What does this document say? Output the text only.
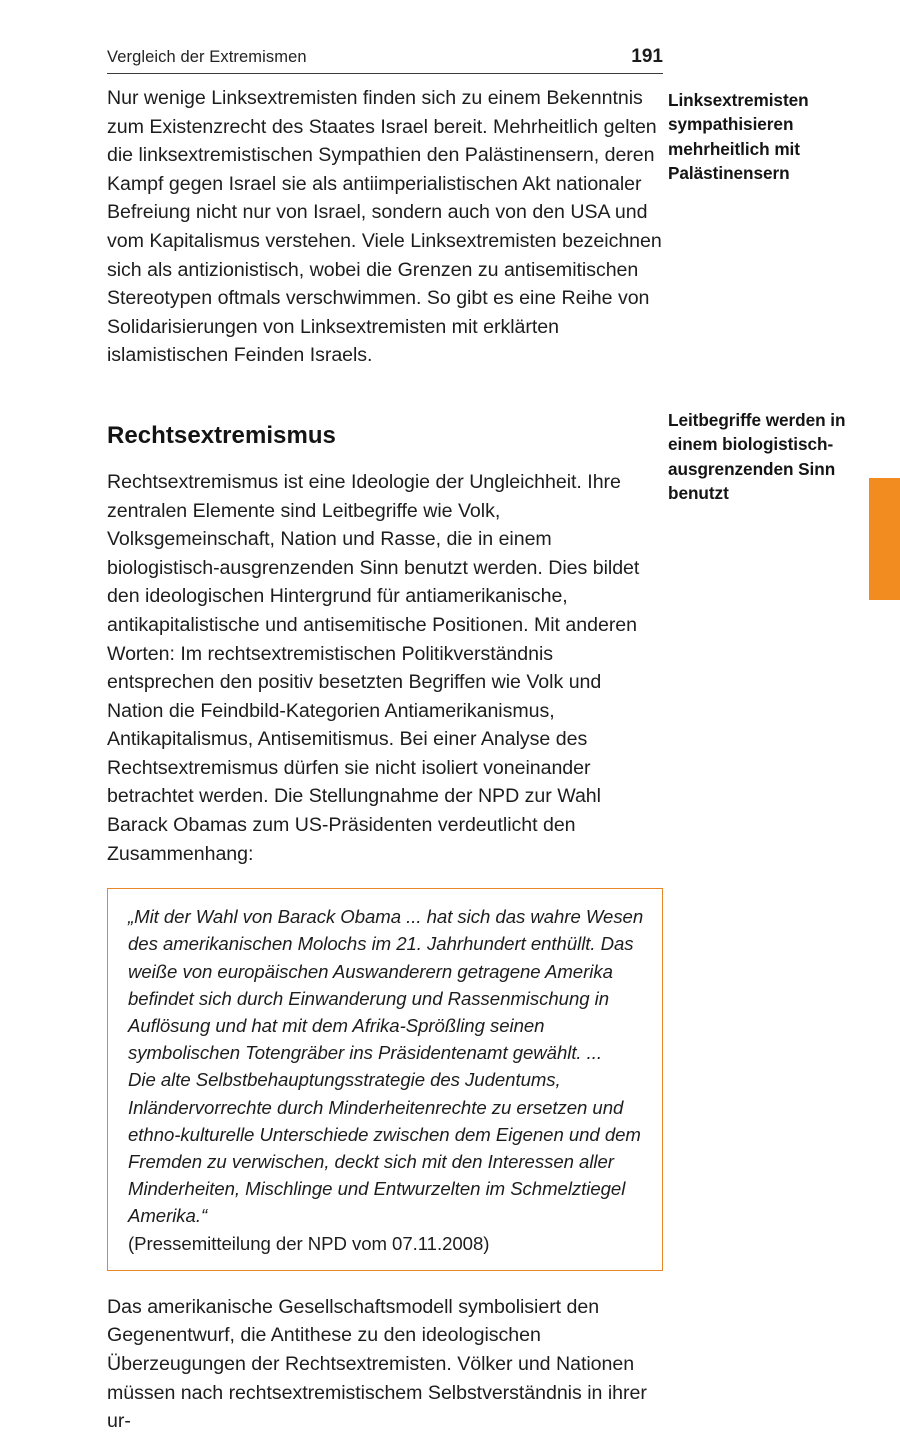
Vergleich der Extremismen	191

Nur wenige Linksextremisten finden sich zu einem Bekenntnis zum Existenzrecht des Staates Israel bereit. Mehrheitlich gelten die linksextremistischen Sympathien den Palästinensern, deren Kampf gegen Israel sie als antiimperialistischen Akt nationaler Befreiung nicht nur von Israel, sondern auch von den USA und vom Kapitalismus verstehen. Viele Linksextremisten bezeichnen sich als antizionistisch, wobei die Grenzen zu antisemitischen Stereotypen oftmals verschwimmen. So gibt es eine Reihe von Solidarisierungen von Linksextremisten mit erklärten islamistischen Feinden Israels.

Rechtsextremismus

Rechtsextremismus ist eine Ideologie der Ungleichheit. Ihre zentralen Elemente sind Leitbegriffe wie Volk, Volksgemeinschaft, Nation und Rasse, die in einem biologistisch-ausgrenzenden Sinn benutzt werden. Dies bildet den ideologischen Hintergrund für antiamerikanische, antikapitalistische und antisemitische Positionen. Mit anderen Worten: Im rechtsextremistischen Politikverständnis entsprechen den positiv besetzten Begriffen wie Volk und Nation die Feindbild-Kategorien Antiamerikanismus, Antikapitalismus, Antisemitismus. Bei einer Analyse des Rechtsextremismus dürfen sie nicht isoliert voneinander betrachtet werden. Die Stellungnahme der NPD zur Wahl Barack Obamas zum US-Präsidenten verdeutlicht den Zusammenhang:

„Mit der Wahl von Barack Obama ... hat sich das wahre Wesen des amerikanischen Molochs im 21. Jahrhundert enthüllt. Das weiße von europäischen Auswanderern getragene Amerika befindet sich durch Einwanderung und Rassenmischung in Auflösung und hat mit dem Afrika-Sprößling seinen symbolischen Totengräber ins Präsidentenamt gewählt. ...

Die alte Selbstbehauptungsstrategie des Judentums, Inländervorrechte durch Minderheitenrechte zu ersetzen und ethno-kulturelle Unterschiede zwischen dem Eigenen und dem Fremden zu verwischen, deckt sich mit den Interessen aller Minderheiten, Mischlinge und Entwurzelten im Schmelztiegel Amerika.“

(Pressemitteilung der NPD vom 07.11.2008)

Das amerikanische Gesellschaftsmodell symbolisiert den Gegenentwurf, die Antithese zu den ideologischen Überzeugungen der Rechtsextremisten. Völker und Nationen müssen nach rechtsextremistischem Selbstverständnis in ihrer ur-

Linksextremisten sympathisieren mehrheitlich mit Palästinensern
Leitbegriffe werden in einem biologistisch-ausgrenzenden Sinn benutzt
